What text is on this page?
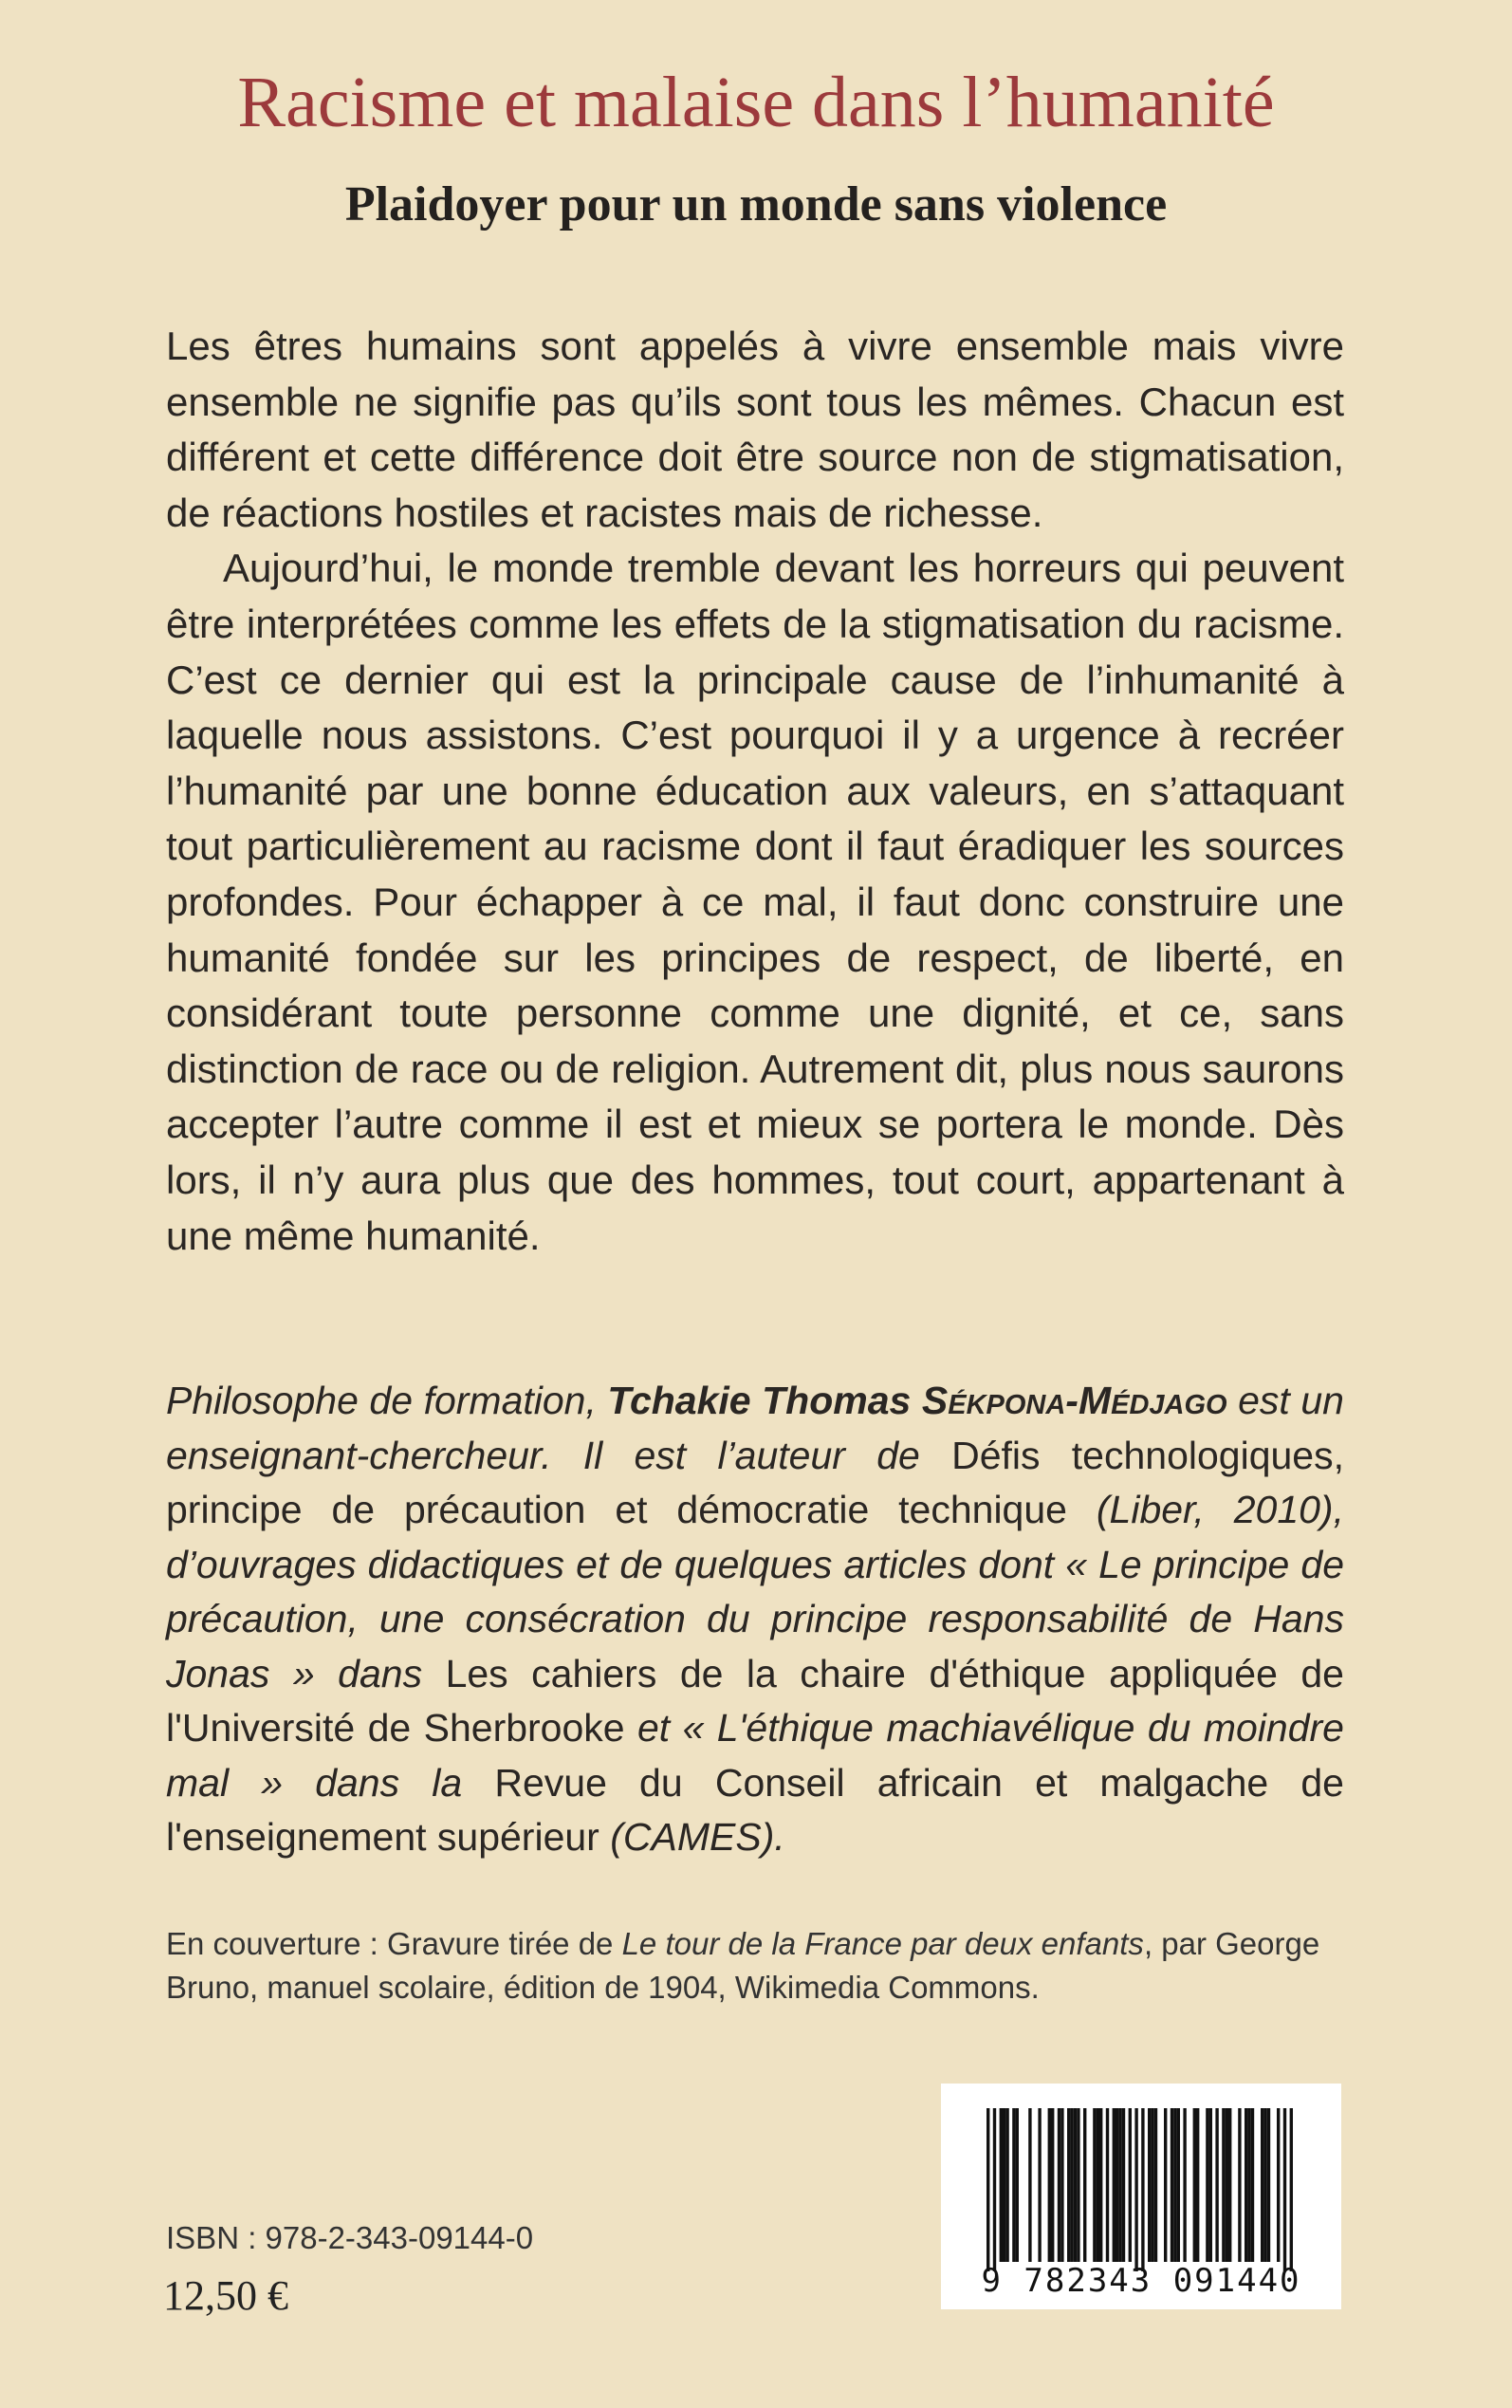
Racisme et malaise dans l’humanité
Plaidoyer pour un monde sans violence

Les êtres humains sont appelés à vivre ensemble mais vivre ensemble ne signifie pas qu’ils sont tous les mêmes. Chacun est différent et cette différence doit être source non de stigmatisation, de réactions hostiles et racistes mais de richesse.

Aujourd’hui, le monde tremble devant les horreurs qui peuvent être interprétées comme les effets de la stigmatisation du racisme. C’est ce dernier qui est la principale cause de l’inhumanité à laquelle nous assistons. C’est pourquoi il y a urgence à recréer l’humanité par une bonne éducation aux valeurs, en s’attaquant tout particulièrement au racisme dont il faut éradiquer les sources profondes. Pour échapper à ce mal, il faut donc construire une humanité fondée sur les principes de respect, de liberté, en considérant toute personne comme une dignité, et ce, sans distinction de race ou de religion. Autrement dit, plus nous saurons accepter l’autre comme il est et mieux se portera le monde. Dès lors, il n’y aura plus que des hommes, tout court, appartenant à une même humanité.

Philosophe de formation, Tchakie Thomas Sékpona-Médjago est un enseignant-chercheur. Il est l’auteur de Défis technologiques, principe de précaution et démocratie technique (Liber, 2010), d’ouvrages didactiques et de quelques articles dont « Le principe de précaution, une consécration du principe responsabilité de Hans Jonas » dans Les cahiers de la chaire d'éthique appliquée de l'Université de Sherbrooke et « L'éthique machiavélique du moindre mal » dans la Revue du Conseil africain et malgache de l'enseignement supérieur (CAMES).

En couverture : Gravure tirée de Le tour de la France par deux enfants, par George Bruno, manuel scolaire, édition de 1904, Wikimedia Commons.

ISBN : 978-2-343-09144-0
12,50 €	9 782343 091440
